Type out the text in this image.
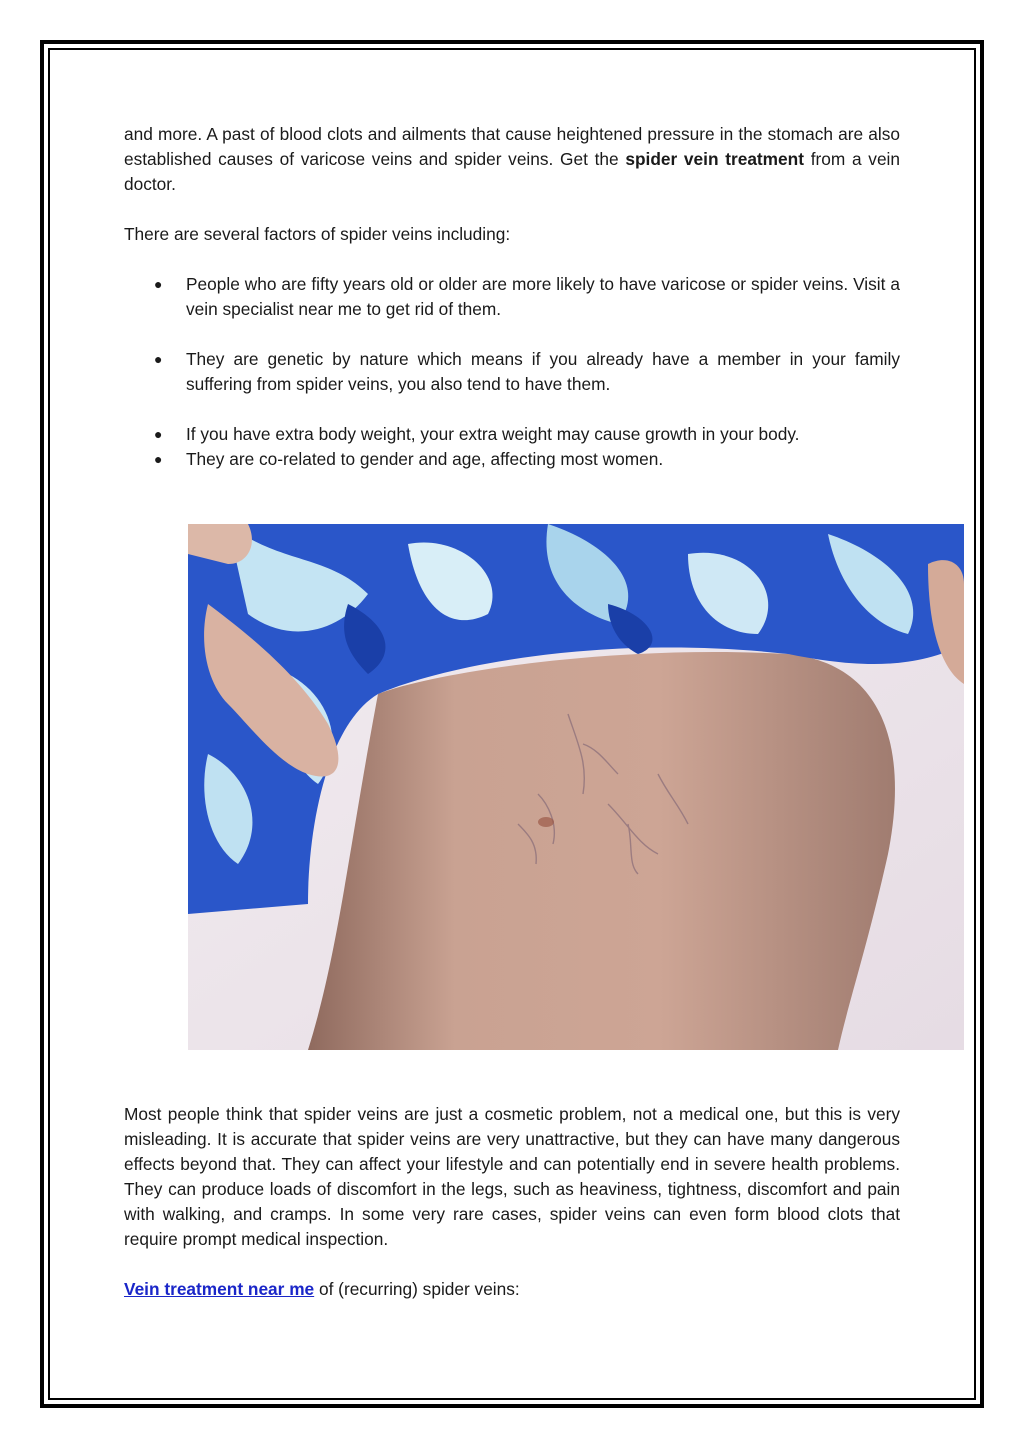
and more. A past of blood clots and ailments that cause heightened pressure in the stomach are also established causes of varicose veins and spider veins. Get the spider vein treatment from a vein doctor.

There are several factors of spider veins including:

● People who are fifty years old or older are more likely to have varicose or spider veins. Visit a vein specialist near me to get rid of them.
● They are genetic by nature which means if you already have a member in your family suffering from spider veins, you also tend to have them.
● If you have extra body weight, your extra weight may cause growth in your body.
● They are co-related to gender and age, affecting most women.

Most people think that spider veins are just a cosmetic problem, not a medical one, but this is very misleading. It is accurate that spider veins are very unattractive, but they can have many dangerous effects beyond that. They can affect your lifestyle and can potentially end in severe health problems. They can produce loads of discomfort in the legs, such as heaviness, tightness, discomfort and pain with walking, and cramps. In some very rare cases, spider veins can even form blood clots that require prompt medical inspection.

Vein treatment near me of (recurring) spider veins:
